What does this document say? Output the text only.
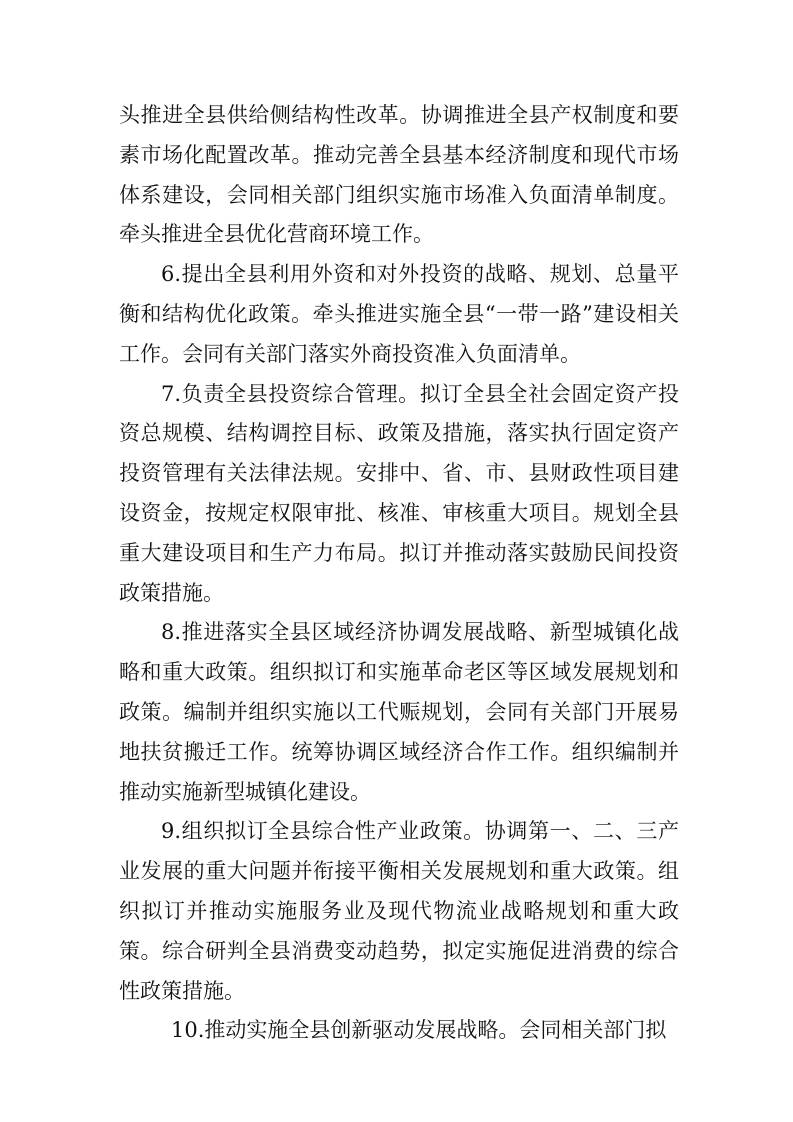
头推进全县供给侧结构性改革。协调推进全县产权制度和要素市场化配置改革。推动完善全县基本经济制度和现代市场体系建设，会同相关部门组织实施市场准入负面清单制度。牵头推进全县优化营商环境工作。

6.提出全县利用外资和对外投资的战略、规划、总量平衡和结构优化政策。牵头推进实施全县“一带一路”建设相关工作。会同有关部门落实外商投资准入负面清单。

7.负责全县投资综合管理。拟订全县全社会固定资产投资总规模、结构调控目标、政策及措施，落实执行固定资产投资管理有关法律法规。安排中、省、市、县财政性项目建设资金，按规定权限审批、核准、审核重大项目。规划全县重大建设项目和生产力布局。拟订并推动落实鼓励民间投资政策措施。

8.推进落实全县区域经济协调发展战略、新型城镇化战略和重大政策。组织拟订和实施革命老区等区域发展规划和政策。编制并组织实施以工代赈规划，会同有关部门开展易地扶贫搬迁工作。统筹协调区域经济合作工作。组织编制并推动实施新型城镇化建设。

9.组织拟订全县综合性产业政策。协调第一、二、三产业发展的重大问题并衔接平衡相关发展规划和重大政策。组织拟订并推动实施服务业及现代物流业战略规划和重大政策。综合研判全县消费变动趋势，拟定实施促进消费的综合性政策措施。

10.推动实施全县创新驱动发展战略。会同相关部门拟
